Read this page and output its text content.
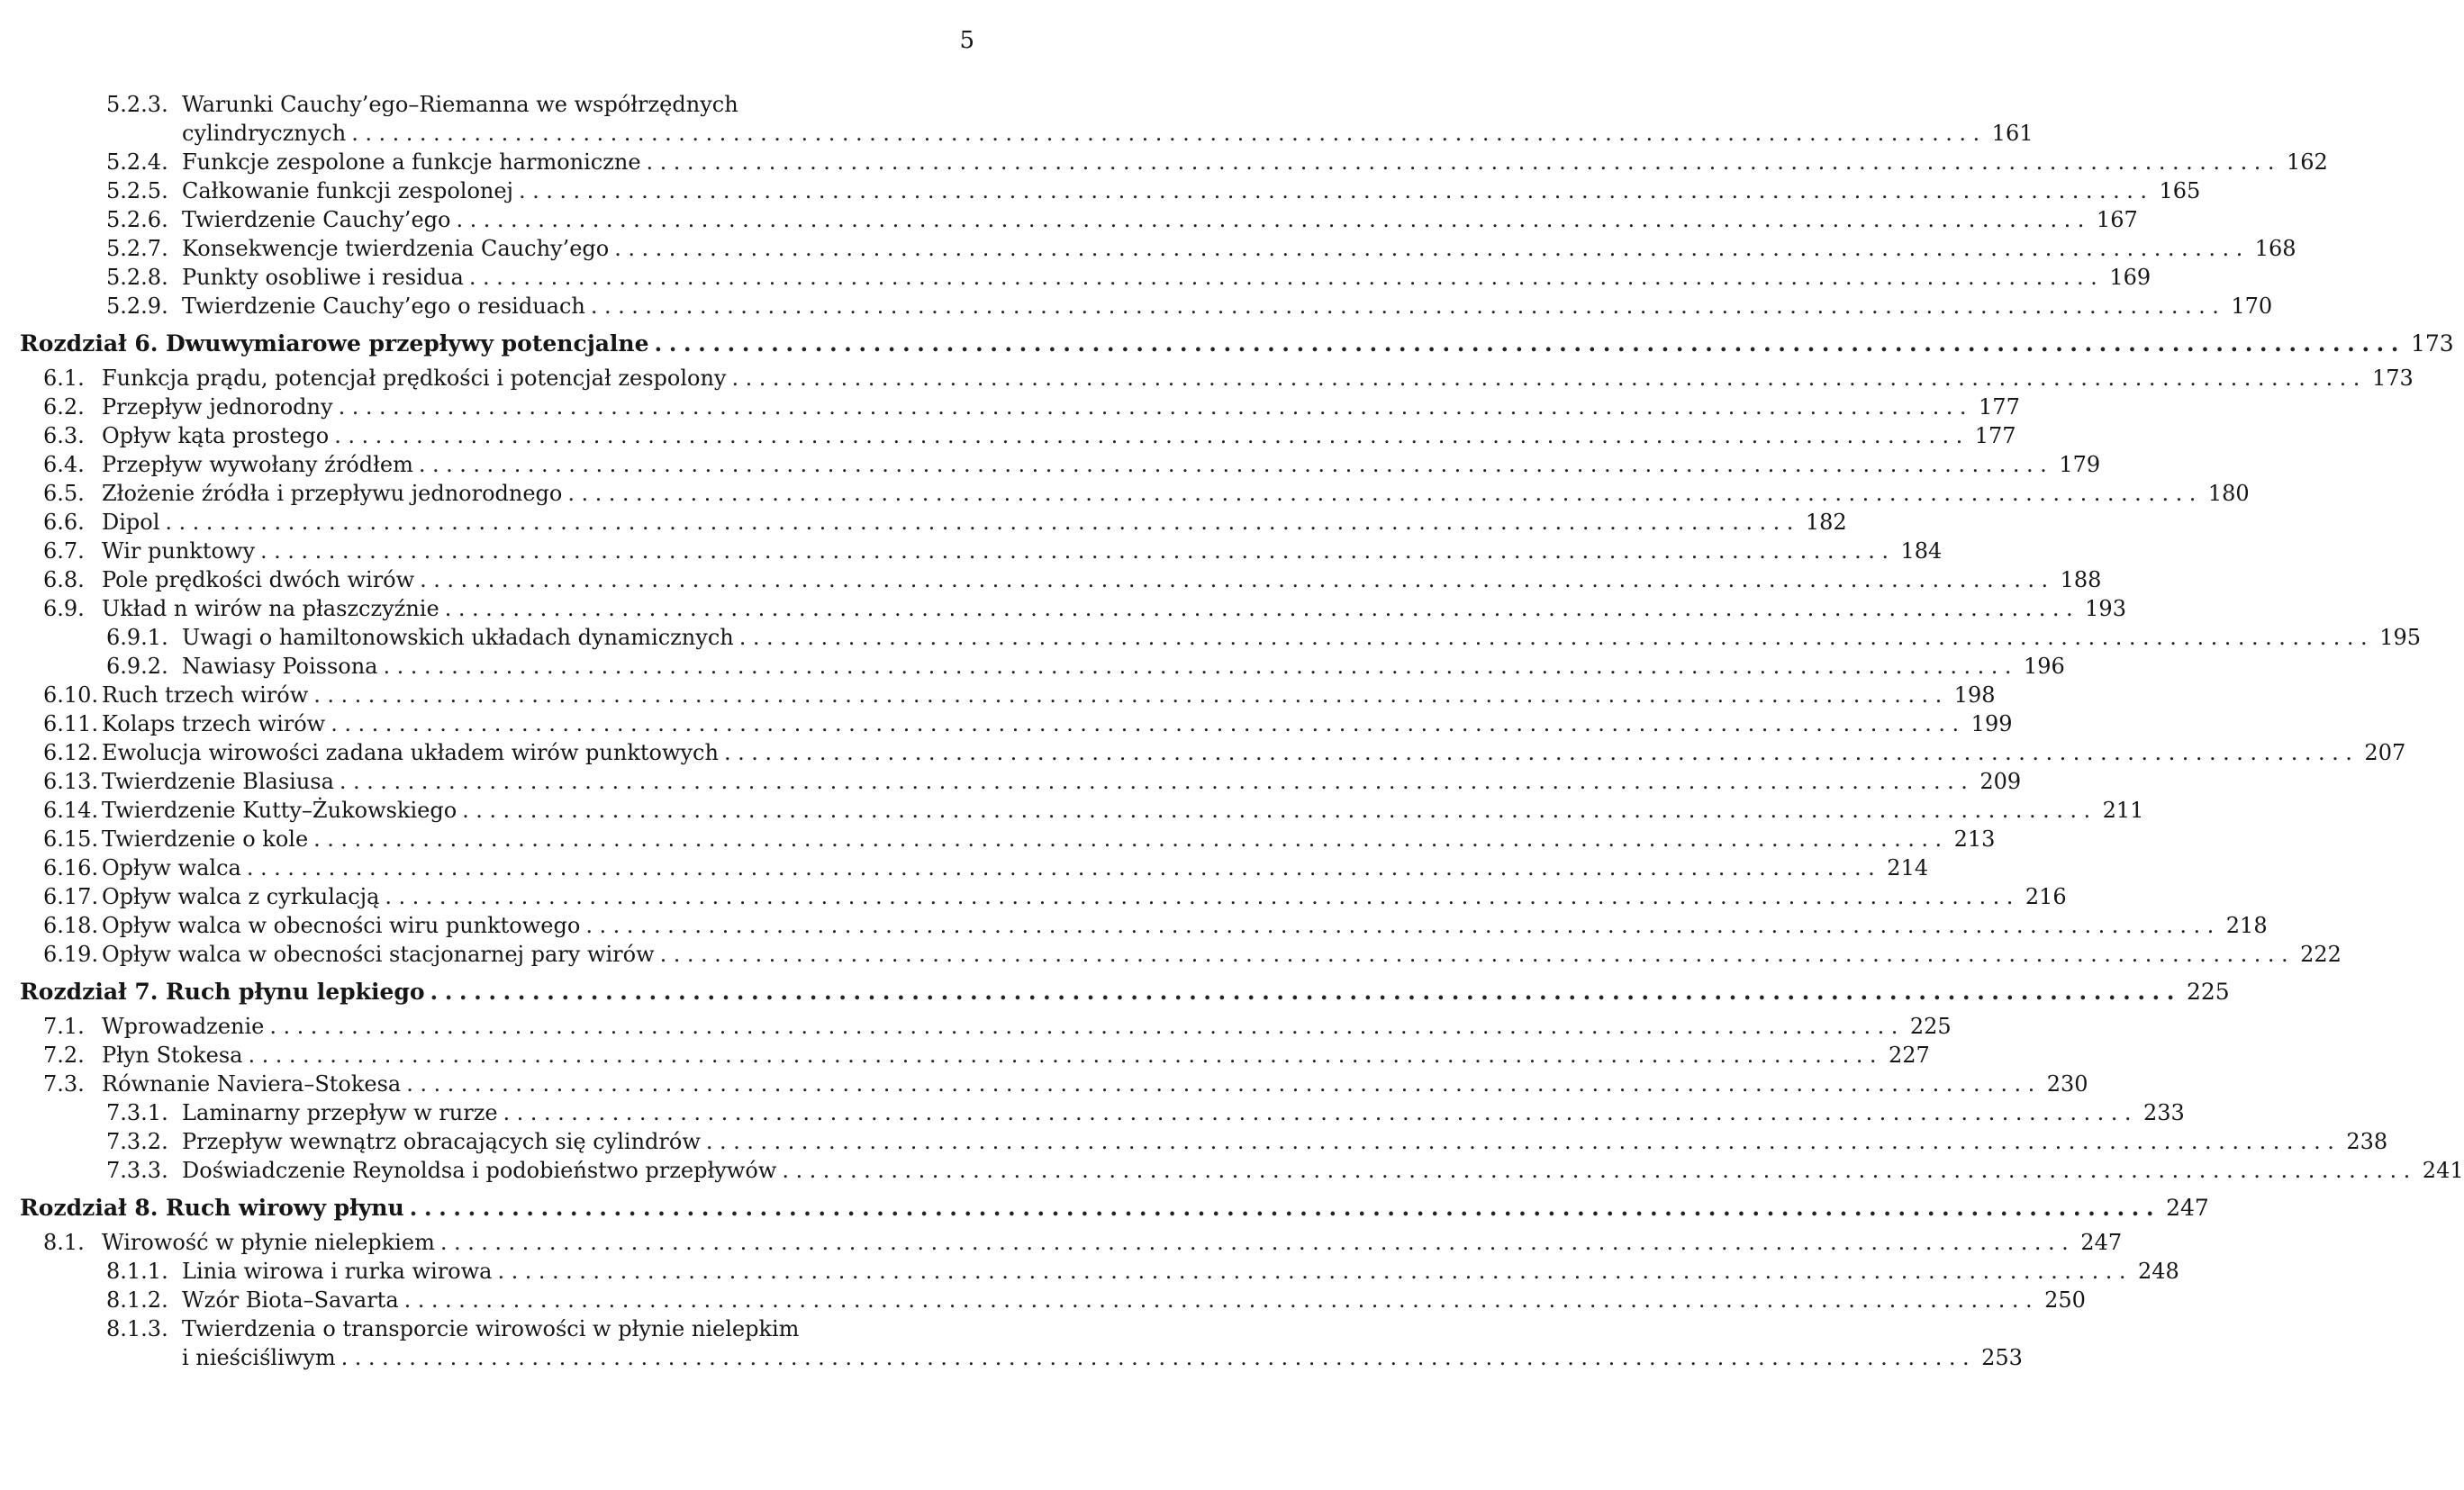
5
5.2.3. Warunki Cauchy’ego–Riemanna we współrzędnych
cylindrycznych ........................................................................................................................ 161
5.2.4. Funkcje zespolone a funkcje harmoniczne ........................................................................................................................ 162
5.2.5. Całkowanie funkcji zespolonej ........................................................................................................................ 165
5.2.6. Twierdzenie Cauchy’ego ........................................................................................................................ 167
5.2.7. Konsekwencje twierdzenia Cauchy’ego ........................................................................................................................ 168
5.2.8. Punkty osobliwe i residua ........................................................................................................................ 169
5.2.9. Twierdzenie Cauchy’ego o residuach ........................................................................................................................ 170
Rozdział 6. Dwuwymiarowe przepływy potencjalne ........................................................................................................................ 173
6.1. Funkcja prądu, potencjał prędkości i potencjał zespolony ........................................................................................................................ 173
6.2. Przepływ jednorodny ........................................................................................................................ 177
6.3. Opływ kąta prostego ........................................................................................................................ 177
6.4. Przepływ wywołany źródłem ........................................................................................................................ 179
6.5. Złożenie źródła i przepływu jednorodnego ........................................................................................................................ 180
6.6. Dipol ........................................................................................................................ 182
6.7. Wir punktowy ........................................................................................................................ 184
6.8. Pole prędkości dwóch wirów ........................................................................................................................ 188
6.9. Układ n wirów na płaszczyźnie ........................................................................................................................ 193
6.9.1. Uwagi o hamiltonowskich układach dynamicznych ........................................................................................................................ 195
6.9.2. Nawiasy Poissona ........................................................................................................................ 196
6.10. Ruch trzech wirów ........................................................................................................................ 198
6.11. Kolaps trzech wirów ........................................................................................................................ 199
6.12. Ewolucja wirowości zadana układem wirów punktowych ........................................................................................................................ 207
6.13. Twierdzenie Blasiusa ........................................................................................................................ 209
6.14. Twierdzenie Kutty–Żukowskiego ........................................................................................................................ 211
6.15. Twierdzenie o kole ........................................................................................................................ 213
6.16. Opływ walca ........................................................................................................................ 214
6.17. Opływ walca z cyrkulacją ........................................................................................................................ 216
6.18. Opływ walca w obecności wiru punktowego ........................................................................................................................ 218
6.19. Opływ walca w obecności stacjonarnej pary wirów ........................................................................................................................ 222
Rozdział 7. Ruch płynu lepkiego ........................................................................................................................ 225
7.1. Wprowadzenie ........................................................................................................................ 225
7.2. Płyn Stokesa ........................................................................................................................ 227
7.3. Równanie Naviera–Stokesa ........................................................................................................................ 230
7.3.1. Laminarny przepływ w rurze ........................................................................................................................ 233
7.3.2. Przepływ wewnątrz obracających się cylindrów ........................................................................................................................ 238
7.3.3. Doświadczenie Reynoldsa i podobieństwo przepływów ........................................................................................................................ 241
Rozdział 8. Ruch wirowy płynu ........................................................................................................................ 247
8.1. Wirowość w płynie nielepkiem ........................................................................................................................ 247
8.1.1. Linia wirowa i rurka wirowa ........................................................................................................................ 248
8.1.2. Wzór Biota–Savarta ........................................................................................................................ 250
8.1.3. Twierdzenia o transporcie wirowości w płynie nielepkim
i nieściśliwym ........................................................................................................................ 253
